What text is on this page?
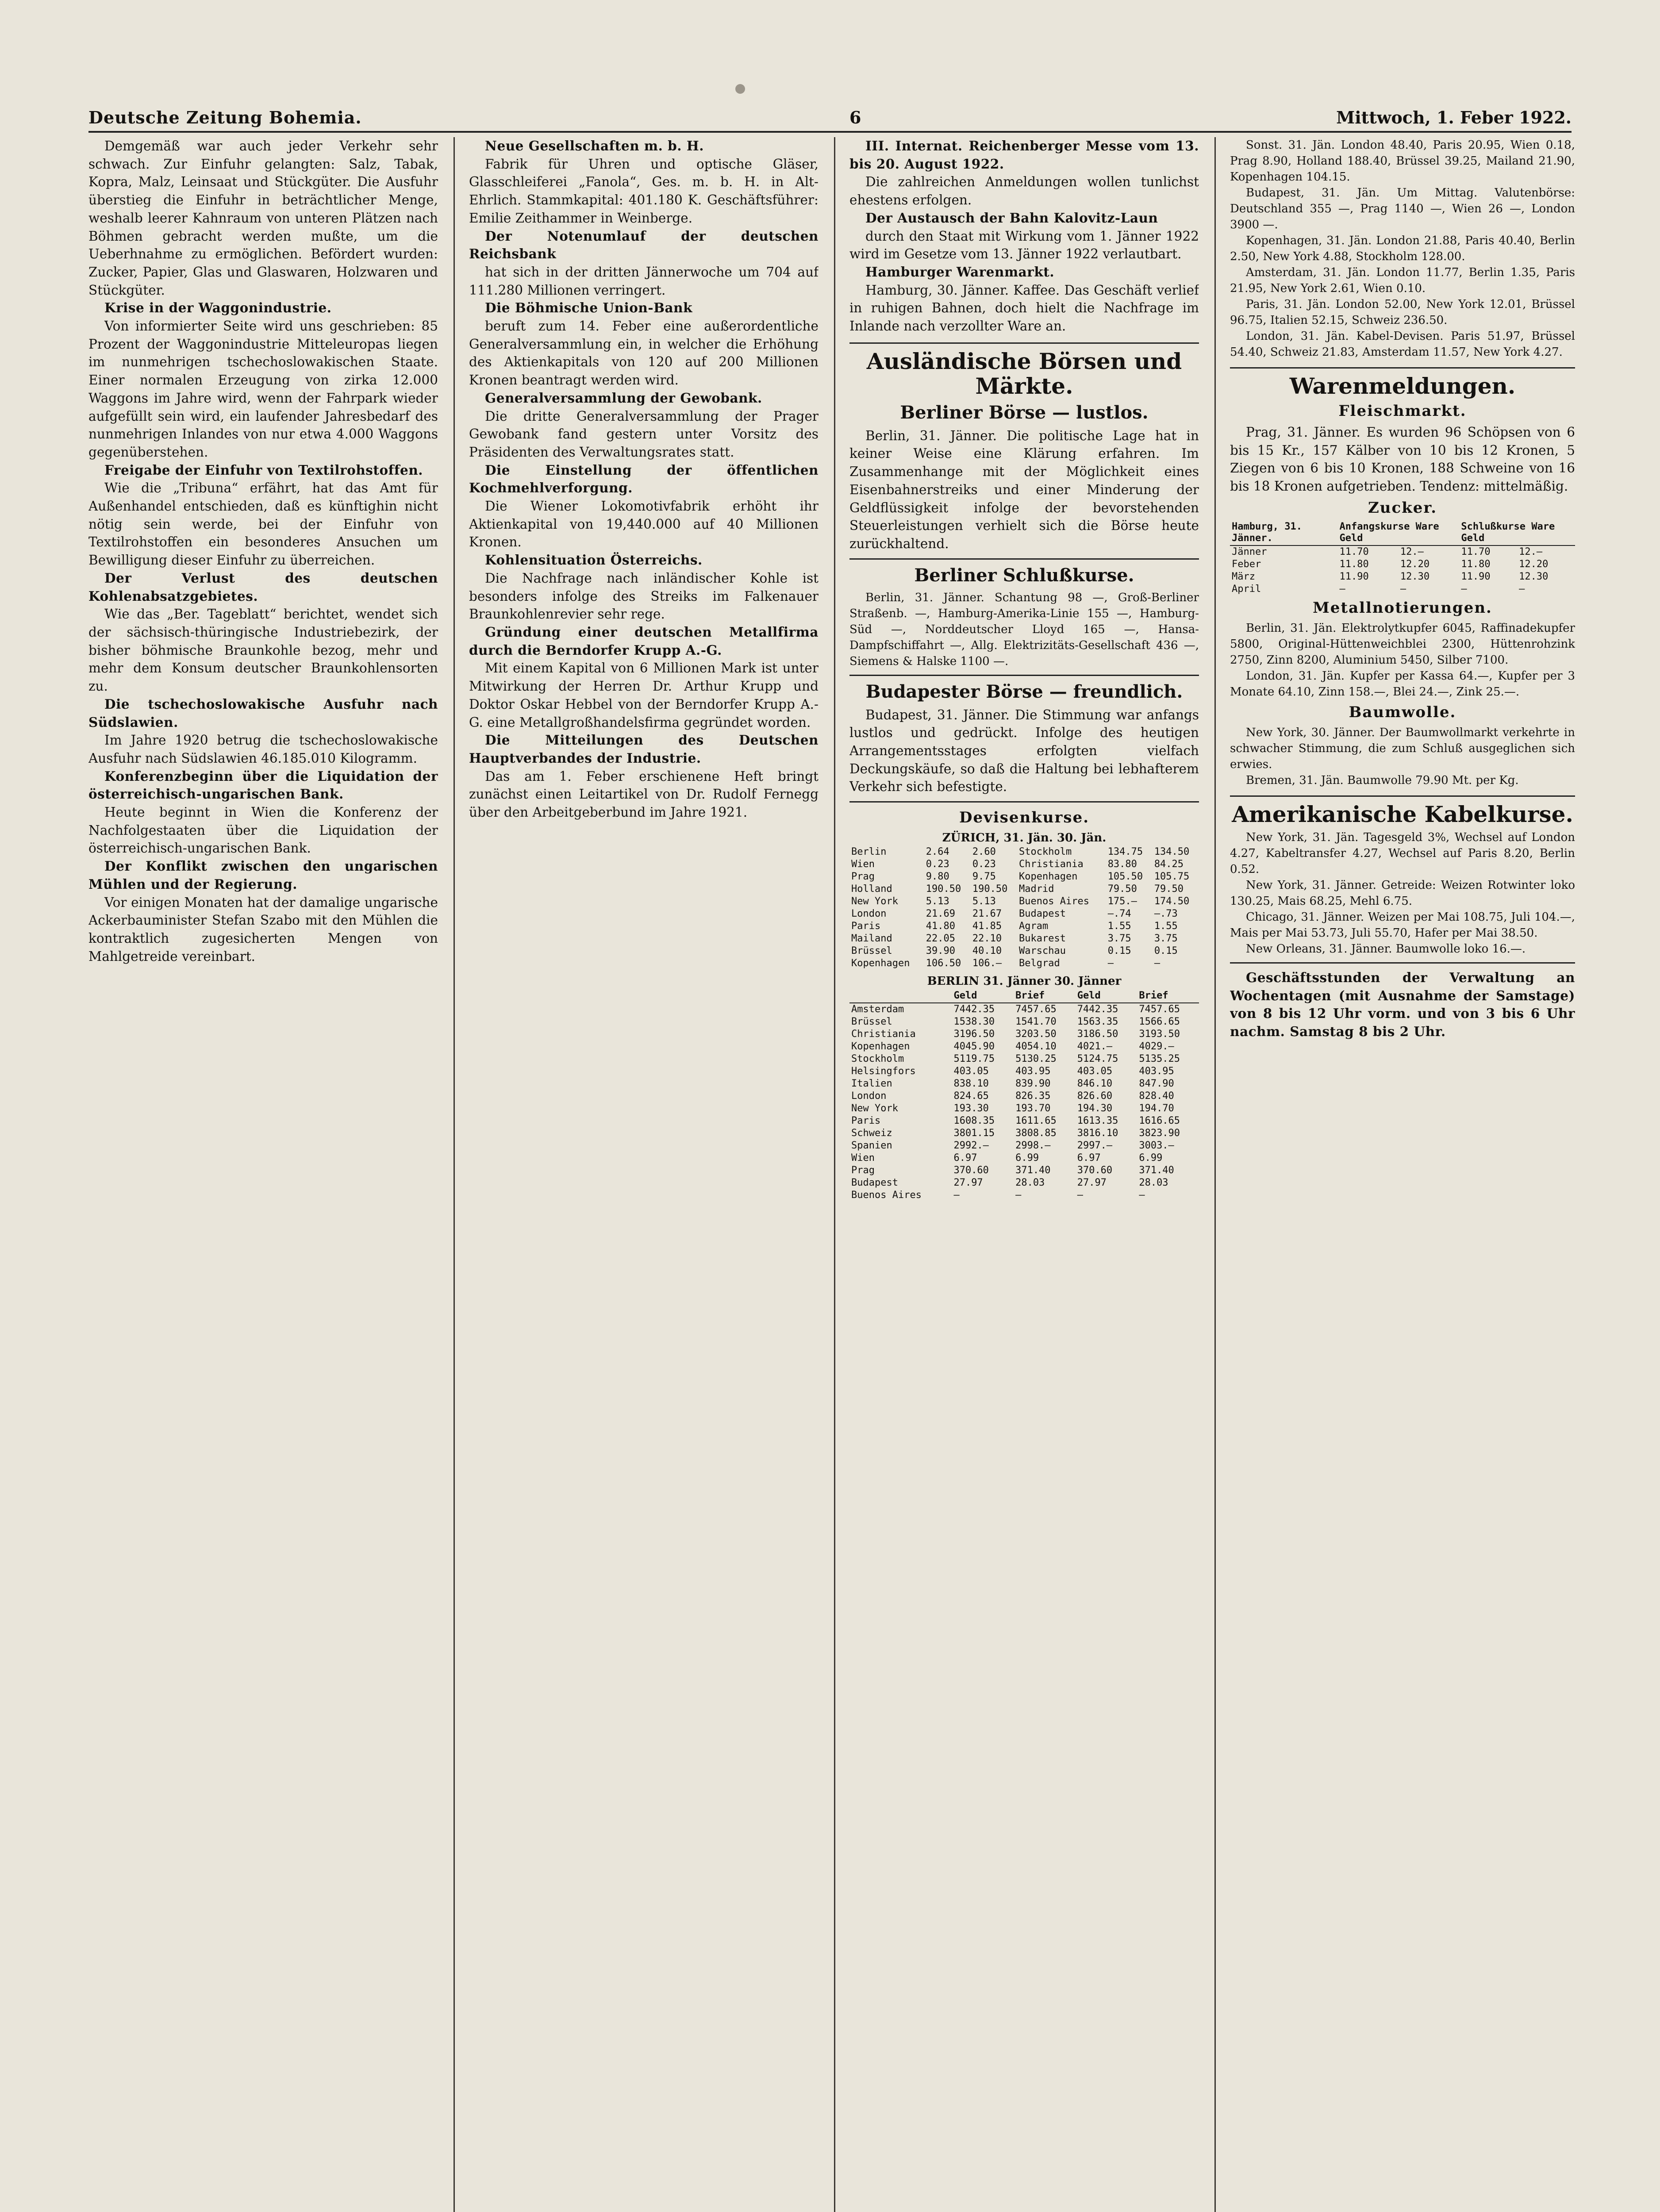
Deutsche Zeitung Bohemia.	6	Mittwoch, 1. Feber 1922.

Demgemäß war auch jeder Verkehr sehr schwach. Zur Einfuhr gelangten: Salz, Tabak, Kopra, Malz, Leinsaat und Stückgüter. Die Ausfuhr überstieg die Einfuhr in beträchtlicher Menge, weshalb leerer Kahnraum von unteren Plätzen nach Böhmen gebracht werden mußte, um die Ueberhnahme zu ermöglichen. Befördert wurden: Zucker, Papier, Glas und Glaswaren, Holzwaren und Stückgüter.

Krise in der Waggonindustrie.

Von informierter Seite wird uns geschrieben: 85 Prozent der Waggonindustrie Mitteleuropas liegen im nunmehrigen tschechoslowakischen Staate. Einer normalen Erzeugung von zirka 12.000 Waggons im Jahre wird, wenn der Fahrpark wieder aufgefüllt sein wird, ein laufender Jahresbedarf des nunmehrigen Inlandes von nur etwa 4.000 Waggons gegenüberstehen.

Freigabe der Einfuhr von Textilrohstoffen.

Wie die „Tribuna“ erfährt, hat das Amt für Außenhandel entschieden, daß es künftighin nicht nötig sein werde, bei der Einfuhr von Textilrohstoffen ein besonderes Ansuchen um Bewilligung dieser Einfuhr zu überreichen.

Der Verlust des deutschen Kohlenabsatzgebietes.

Wie das „Ber. Tageblatt“ berichtet, wendet sich der sächsisch-thüringische Industriebezirk, der bisher böhmische Braunkohle bezog, mehr und mehr dem Konsum deutscher Braunkohlensorten zu.

Die tschechoslowakische Ausfuhr nach Südslawien.

Im Jahre 1920 betrug die tschechoslowakische Ausfuhr nach Südslawien 46.185.010 Kilogramm.

Konferenzbeginn über die Liquidation der österreichisch-ungarischen Bank.

Heute beginnt in Wien die Konferenz der Nachfolgestaaten über die Liquidation der österreichisch-ungarischen Bank.

Der Konflikt zwischen den ungarischen Mühlen und der Regierung.

Vor einigen Monaten hat der damalige ungarische Ackerbauminister Stefan Szabo mit den Mühlen die kontraktlich zugesicherten Mengen von Mahlgetreide vereinbart.

Neue Gesellschaften m. b. H.

Fabrik für Uhren und optische Gläser, Glasschleiferei „Fanola“, Ges. m. b. H. in Alt-Ehrlich. Stammkapital: 401.180 K. Geschäftsführer: Emilie Zeithammer in Weinberge.

Der Notenumlauf der deutschen Reichsbank

hat sich in der dritten Jännerwoche um 704 auf 111.280 Millionen verringert.

Die Böhmische Union-Bank

beruft zum 14. Feber eine außerordentliche Generalversammlung ein, in welcher die Erhöhung des Aktienkapitals von 120 auf 200 Millionen Kronen beantragt werden wird.

Generalversammlung der Gewobank.

Die dritte Generalversammlung der Prager Gewobank fand gestern unter Vorsitz des Präsidenten des Verwaltungsrates statt.

Die Einstellung der öffentlichen Kochmehlverforgung.

Die Wiener Lokomotivfabrik erhöht ihr Aktienkapital von 19,440.000 auf 40 Millionen Kronen.

Kohlensituation Österreichs.

Die Nachfrage nach inländischer Kohle ist besonders infolge des Streiks im Falkenauer Braunkohlenrevier sehr rege.

Gründung einer deutschen Metallfirma durch die Berndorfer Krupp A.-G.

Mit einem Kapital von 6 Millionen Mark ist unter Mitwirkung der Herren Dr. Arthur Krupp und Doktor Oskar Hebbel von der Berndorfer Krupp A.-G. eine Metallgroßhandelsfirma gegründet worden.

Die Mitteilungen des Deutschen Hauptverbandes der Industrie.

Das am 1. Feber erschienene Heft bringt zunächst einen Leitartikel von Dr. Rudolf Fernegg über den Arbeitgeberbund im Jahre 1921.

III. Internat. Reichenberger Messe vom 13. bis 20. August 1922.

Die zahlreichen Anmeldungen wollen tunlichst ehestens erfolgen.

Der Austausch der Bahn Kalovitz-Laun

durch den Staat mit Wirkung vom 1. Jänner 1922 wird im Gesetze vom 13. Jänner 1922 verlautbart.

Hamburger Warenmarkt.

Hamburg, 30. Jänner. Kaffee. Das Geschäft verlief in ruhigen Bahnen, doch hielt die Nachfrage im Inlande nach verzollter Ware an.

Ausländische Börsen und Märkte.
Berliner Börse — lustlos.

Berlin, 31. Jänner. Die politische Lage hat in keiner Weise eine Klärung erfahren. Im Zusammenhange mit der Möglichkeit eines Eisenbahnerstreiks und einer Minderung der Geldflüssigkeit infolge der bevorstehenden Steuerleistungen verhielt sich die Börse heute zurückhaltend.

Berliner Schlußkurse.

Berlin, 31. Jänner. Schantung 98 —, Groß-Berliner Straßenb. —, Hamburg-Amerika-Linie 155 —, Hamburg-Süd —, Norddeutscher Lloyd 165 —, Hansa-Dampfschiffahrt —, Allg. Elektrizitäts-Gesellschaft 436 —, Siemens & Halske 1100 —.

Budapester Börse — freundlich.

Budapest, 31. Jänner. Die Stimmung war anfangs lustlos und gedrückt. Infolge des heutigen Arrangementsstages erfolgten vielfach Deckungskäufe, so daß die Haltung bei lebhafterem Verkehr sich befestigte.

Devisenkurse.
ZÜRICH, 31. Jän. 30. Jän.
Berlin	2.64	2.60	Stockholm	134.75	134.50
Wien	0.23	0.23	Christiania	83.80	84.25
Prag	9.80	9.75	Kopenhagen	105.50	105.75
Holland	190.50	190.50	Madrid	79.50	79.50
New York	5.13	5.13	Buenos Aires	175.—	174.50
London	21.69	21.67	Budapest	—.74	—.73
Paris	41.80	41.85	Agram	1.55	1.55
Mailand	22.05	22.10	Bukarest	3.75	3.75
Brüssel	39.90	40.10	Warschau	0.15	0.15
Kopenhagen	106.50	106.—	Belgrad	—	—
BERLIN 31. Jänner 30. Jänner
	Geld	Brief	Geld	Brief
Amsterdam	7442.35	7457.65	7442.35	7457.65
Brüssel	1538.30	1541.70	1563.35	1566.65
Christiania	3196.50	3203.50	3186.50	3193.50
Kopenhagen	4045.90	4054.10	4021.—	4029.—
Stockholm	5119.75	5130.25	5124.75	5135.25
Helsingfors	403.05	403.95	403.05	403.95
Italien	838.10	839.90	846.10	847.90
London	824.65	826.35	826.60	828.40
New York	193.30	193.70	194.30	194.70
Paris	1608.35	1611.65	1613.35	1616.65
Schweiz	3801.15	3808.85	3816.10	3823.90
Spanien	2992.—	2998.—	2997.—	3003.—
Wien	6.97	6.99	6.97	6.99
Prag	370.60	371.40	370.60	371.40
Budapest	27.97	28.03	27.97	28.03
Buenos Aires	—	—	—	—

Sonst. 31. Jän. London 48.40, Paris 20.95, Wien 0.18, Prag 8.90, Holland 188.40, Brüssel 39.25, Mailand 21.90, Kopenhagen 104.15.

Budapest, 31. Jän. Um Mittag. Valutenbörse: Deutschland 355 —, Prag 1140 —, Wien 26 —, London 3900 —.

Kopenhagen, 31. Jän. London 21.88, Paris 40.40, Berlin 2.50, New York 4.88, Stockholm 128.00.

Amsterdam, 31. Jän. London 11.77, Berlin 1.35, Paris 21.95, New York 2.61, Wien 0.10.

Paris, 31. Jän. London 52.00, New York 12.01, Brüssel 96.75, Italien 52.15, Schweiz 236.50.

London, 31. Jän. Kabel-Devisen. Paris 51.97, Brüssel 54.40, Schweiz 21.83, Amsterdam 11.57, New York 4.27.

Warenmeldungen.
Fleischmarkt.

Prag, 31. Jänner. Es wurden 96 Schöpsen von 6 bis 15 Kr., 157 Kälber von 10 bis 12 Kronen, 5 Ziegen von 6 bis 10 Kronen, 188 Schweine von 16 bis 18 Kronen aufgetrieben. Tendenz: mittelmäßig.

Zucker.
Hamburg, 31. Jänner.	Anfangskurse Ware Geld		Schlußkurse Ware Geld	
Jänner	11.70	12.—	11.70	12.—
Feber	11.80	12.20	11.80	12.20
März	11.90	12.30	11.90	12.30
April	—	—	—	—
Metallnotierungen.

Berlin, 31. Jän. Elektrolytkupfer 6045, Raffinadekupfer 5800, Original-Hüttenweichblei 2300, Hüttenrohzink 2750, Zinn 8200, Aluminium 5450, Silber 7100.

London, 31. Jän. Kupfer per Kassa 64.—, Kupfer per 3 Monate 64.10, Zinn 158.—, Blei 24.—, Zink 25.—.

Baumwolle.

New York, 30. Jänner. Der Baumwollmarkt verkehrte in schwacher Stimmung, die zum Schluß ausgeglichen sich erwies.

Bremen, 31. Jän. Baumwolle 79.90 Mt. per Kg.

Amerikanische Kabelkurse.

New York, 31. Jän. Tagesgeld 3%, Wechsel auf London 4.27, Kabeltransfer 4.27, Wechsel auf Paris 8.20, Berlin 0.52.

New York, 31. Jänner. Getreide: Weizen Rotwinter loko 130.25, Mais 68.25, Mehl 6.75.

Chicago, 31. Jänner. Weizen per Mai 108.75, Juli 104.—, Mais per Mai 53.73, Juli 55.70, Hafer per Mai 38.50.

New Orleans, 31. Jänner. Baumwolle loko 16.—.

Geschäftsstunden der Verwaltung an Wochentagen (mit Ausnahme der Samstage) von 8 bis 12 Uhr vorm. und von 3 bis 6 Uhr nachm. Samstag 8 bis 2 Uhr.
